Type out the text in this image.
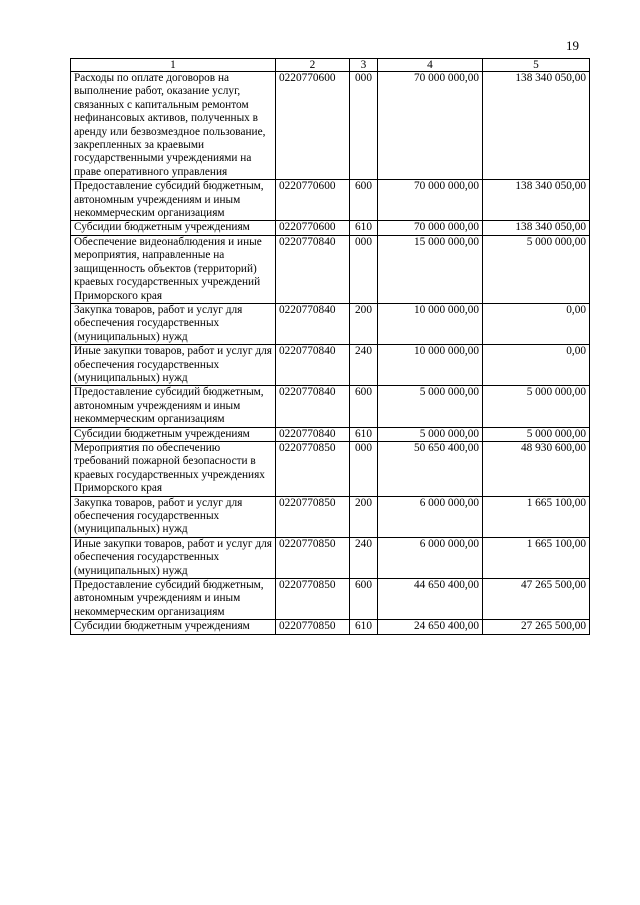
19
1	2	3	4	5
Расходы по оплате договоров на выполнение работ, оказание услуг, связанных с капитальным ремонтом нефинансовых активов, полученных в аренду или безвозмездное пользование, закрепленных за краевыми государственными учреждениями на праве оперативного управления	0220770600	000	70 000 000,00	138 340 050,00
Предоставление субсидий бюджетным, автономным учреждениям и иным некоммерческим организациям	0220770600	600	70 000 000,00	138 340 050,00
Субсидии бюджетным учреждениям	0220770600	610	70 000 000,00	138 340 050,00
Обеспечение видеонаблюдения и иные мероприятия, направленные на защищенность объектов (территорий) краевых государственных учреждений Приморского края	0220770840	000	15 000 000,00	5 000 000,00
Закупка товаров, работ и услуг для обеспечения государственных (муниципальных) нужд	0220770840	200	10 000 000,00	0,00
Иные закупки товаров, работ и услуг для обеспечения государственных (муниципальных) нужд	0220770840	240	10 000 000,00	0,00
Предоставление субсидий бюджетным, автономным учреждениям и иным некоммерческим организациям	0220770840	600	5 000 000,00	5 000 000,00
Субсидии бюджетным учреждениям	0220770840	610	5 000 000,00	5 000 000,00
Мероприятия по обеспечению требований пожарной безопасности в краевых государственных учреждениях Приморского края	0220770850	000	50 650 400,00	48 930 600,00
Закупка товаров, работ и услуг для обеспечения государственных (муниципальных) нужд	0220770850	200	6 000 000,00	1 665 100,00
Иные закупки товаров, работ и услуг для обеспечения государственных (муниципальных) нужд	0220770850	240	6 000 000,00	1 665 100,00
Предоставление субсидий бюджетным, автономным учреждениям и иным некоммерческим организациям	0220770850	600	44 650 400,00	47 265 500,00
Субсидии бюджетным учреждениям	0220770850	610	24 650 400,00	27 265 500,00
